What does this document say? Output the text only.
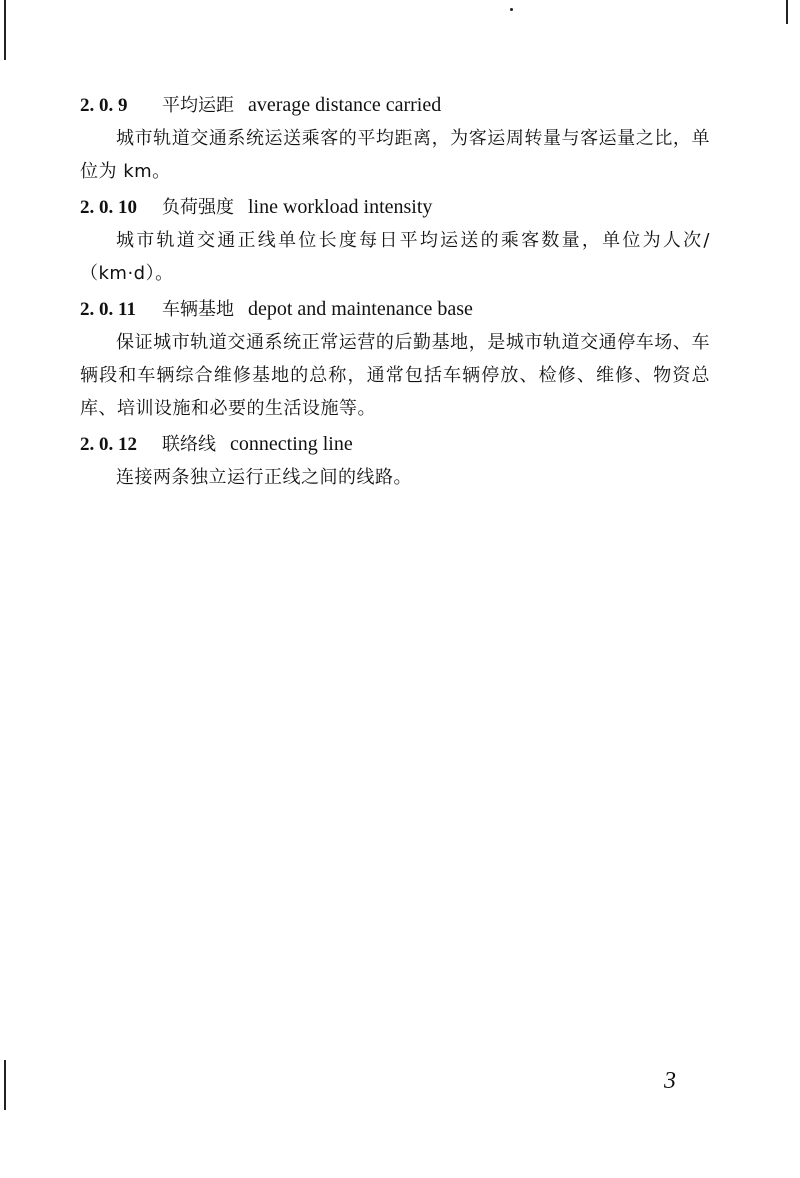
2. 0. 9 平均运距 average distance carried

城市轨道交通系统运送乘客的平均距离，为客运周转量与客运量之比，单位为 km。

2. 0. 10 负荷强度 line workload intensity

城市轨道交通正线单位长度每日平均运送的乘客数量，单位为人次/（km·d）。

2. 0. 11 车辆基地 depot and maintenance base

保证城市轨道交通系统正常运营的后勤基地，是城市轨道交通停车场、车辆段和车辆综合维修基地的总称，通常包括车辆停放、检修、维修、物资总库、培训设施和必要的生活设施等。

2. 0. 12 联络线 connecting line

连接两条独立运行正线之间的线路。

3
